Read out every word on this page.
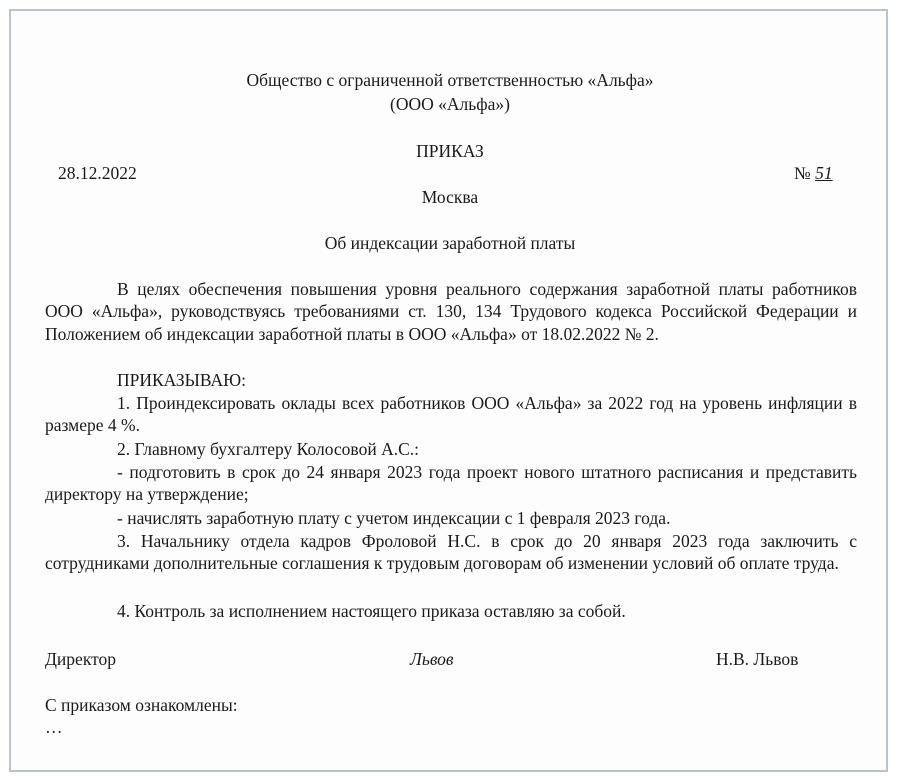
Общество с ограниченной ответственностью «Альфа»
(ООО «Альфа»)
ПРИКАЗ
28.12.2022	№ 51
Москва
Об индексации заработной платы
В целях обеспечения повышения уровня реального содержания заработной платы работников ООО «Альфа», руководствуясь требованиями ст. 130, 134 Трудового кодекса Российской Федерации и Положением об индексации заработной платы в ООО «Альфа» от 18.02.2022 № 2.
ПРИКАЗЫВАЮ:
1. Проиндексировать оклады всех работников ООО «Альфа» за 2022 год на уровень инфляции в размере 4 %.
2. Главному бухгалтеру Колосовой А.С.:
- подготовить в срок до 24 января 2023 года проект нового штатного расписания и представить директору на утверждение;
- начислять заработную плату с учетом индексации с 1 февраля 2023 года.
3. Начальнику отдела кадров Фроловой Н.С. в срок до 20 января 2023 года заключить с сотрудниками дополнительные соглашения к трудовым договорам об изменении условий об оплате труда.
4. Контроль за исполнением настоящего приказа оставляю за собой.
Директор	Львов	Н.В. Львов
С приказом ознакомлены:
…
